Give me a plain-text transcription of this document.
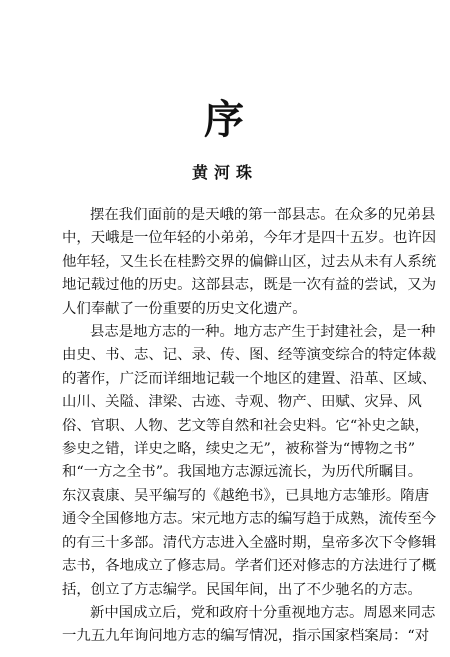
序
黄河珠
摆在我们面前的是天峨的第一部县志。在众多的兄弟县
中，天峨是一位年轻的小弟弟，今年才是四十五岁。也许因
他年轻，又生长在桂黔交界的偏僻山区，过去从未有人系统
地记载过他的历史。这部县志，既是一次有益的尝试，又为
人们奉献了一份重要的历史文化遗产。
县志是地方志的一种。地方志产生于封建社会，是一种
由史、书、志、记、录、传、图、经等演变综合的特定体裁
的著作，广泛而详细地记载一个地区的建置、沿革、区域、
山川、关隘、津梁、古迹、寺观、物产、田赋、灾异、风
俗、官职、人物、艺文等自然和社会史料。它“补史之缺，
参史之错，详史之略，续史之无”，被称誉为“博物之书”
和“一方之全书”。我国地方志源远流长，为历代所瞩目。
东汉袁康、吴平编写的《越绝书》，已具地方志雏形。隋唐
通令全国修地方志。宋元地方志的编写趋于成熟，流传至今
的有三十多部。清代方志进入全盛时期，皇帝多次下令修辑
志书，各地成立了修志局。学者们还对修志的方法进行了概
括，创立了方志编学。民国年间，出了不少驰名的方志。
新中国成立后，党和政府十分重视地方志。周恩来同志
一九五九年询问地方志的编写情况，指示国家档案局：“对
